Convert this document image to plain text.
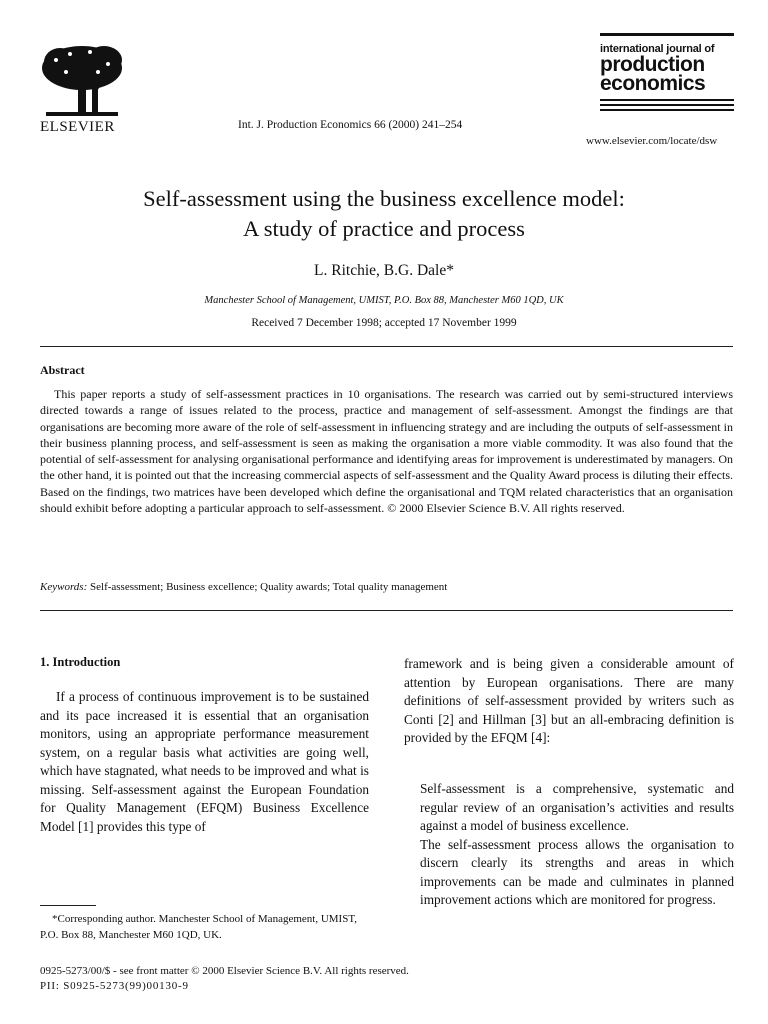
ELSEVIER	Int. J. Production Economics 66 (2000) 241–254
international journal of
production
economics
www.elsevier.com/locate/dsw
Self-assessment using the business excellence model:
A study of practice and process
L. Ritchie, B.G. Dale*
Manchester School of Management, UMIST, P.O. Box 88, Manchester M60 1QD, UK
Received 7 December 1998; accepted 17 November 1999
Abstract
This paper reports a study of self-assessment practices in 10 organisations. The research was carried out by semi-structured interviews directed towards a range of issues related to the process, practice and management of self-assessment. Amongst the findings are that organisations are becoming more aware of the role of self-assessment in influencing strategy and are including the outputs of self-assessment in their business planning process, and self-assessment is seen as making the organisation a more viable commodity. It was also found that the potential of self-assessment for analysing organisational performance and identifying areas for improvement is underestimated by managers. On the other hand, it is pointed out that the increasing commercial aspects of self-assessment and the Quality Award process is diluting their effects. Based on the findings, two matrices have been developed which define the organisational and TQM related characteristics that an organisation should exhibit before adopting a particular approach to self-assessment. © 2000 Elsevier Science B.V. All rights reserved.
Keywords: Self-assessment; Business excellence; Quality awards; Total quality management
1. Introduction
If a process of continuous improvement is to be sustained and its pace increased it is essential that an organisation monitors, using an appropriate performance measurement system, on a regular basis what activities are going well, which have stagnated, what needs to be improved and what is missing. Self-assessment against the European Foundation for Quality Management (EFQM) Business Excellence Model [1] provides this type of
framework and is being given a considerable amount of attention by European organisations. There are many definitions of self-assessment provided by writers such as Conti [2] and Hillman [3] but an all-embracing definition is provided by the EFQM [4]:

Self-assessment is a comprehensive, systematic and regular review of an organisation’s activities and results against a model of business excellence.

The self-assessment process allows the organisation to discern clearly its strengths and areas in which improvements can be made and culminates in planned improvement actions which are monitored for progress.

*Corresponding author. Manchester School of Management, UMIST, P.O. Box 88, Manchester M60 1QD, UK.
0925-5273/00/$ - see front matter © 2000 Elsevier Science B.V. All rights reserved.
PII: S0925-5273(99)00130-9
